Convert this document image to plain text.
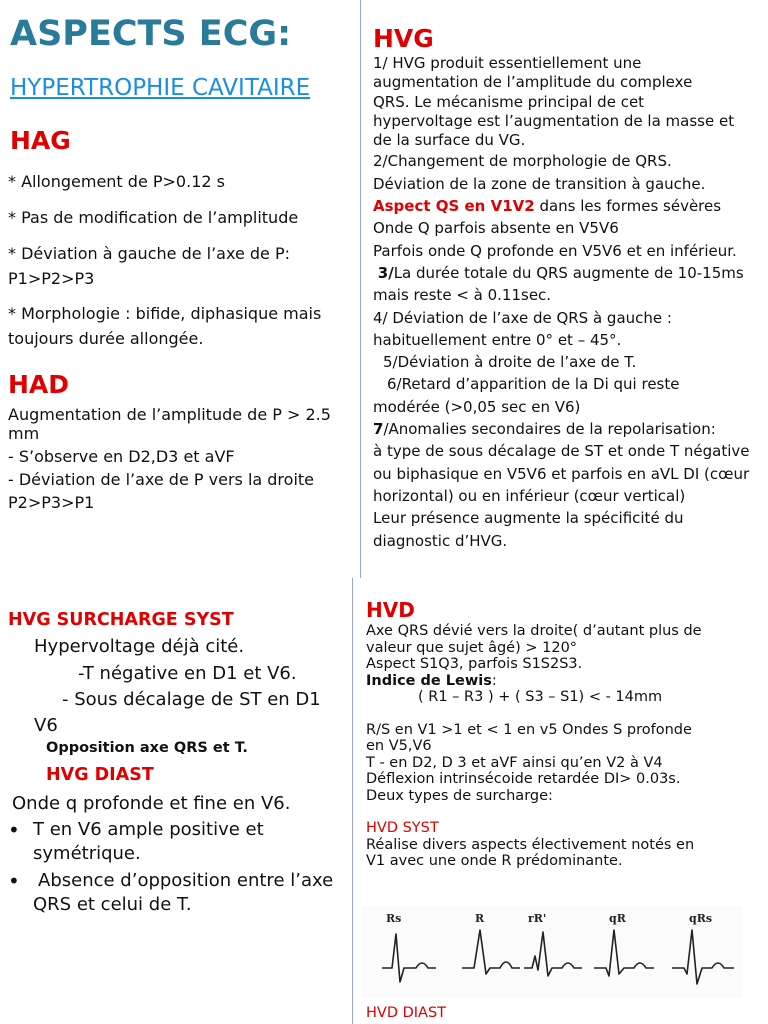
ASPECTS ECG:
HYPERTROPHIE CAVITAIRE
HAG
* Allongement de P>0.12 s
* Pas de modification de l’amplitude
* Déviation à gauche de l’axe de P:
P1>P2>P3
* Morphologie : bifide, diphasique mais
toujours durée allongée.
HAD
Augmentation de l’amplitude de P > 2.5
mm
- S’observe en D2,D3 et aVF
- Déviation de l’axe de P vers la droite
P2>P3>P1
HVG
1/ HVG produit essentiellement une
augmentation de l’amplitude du complexe
QRS. Le mécanisme principal de cet
hypervoltage est l’augmentation de la masse et
de la surface du VG.
2/Changement de morphologie de QRS.
Déviation de la zone de transition à gauche.
Aspect QS en V1V2 dans les formes sévères
Onde Q parfois absente en V5V6
Parfois onde Q profonde en V5V6 et en inférieur.
3/La durée totale du QRS augmente de 10-15ms
mais reste < à 0.11sec.
4/ Déviation de l’axe de QRS à gauche :
habituellement entre 0° et – 45°.
5/Déviation à droite de l’axe de T.
6/Retard d’apparition de la Di qui reste
modérée (>0,05 sec en V6)
7/Anomalies secondaires de la repolarisation:
à type de sous décalage de ST et onde T négative
ou biphasique en V5V6 et parfois en aVL DI (cœur
horizontal) ou en inférieur (cœur vertical)
Leur présence augmente la spécificité du
diagnostic d’HVG.
HVG SURCHARGE SYST
Hypervoltage déjà cité.
-T négative en D1 et V6.
- Sous décalage de ST en D1
V6
Opposition axe QRS et T.
HVG DIAST
Onde q profonde et fine en V6.
• T en V6 ample positive et
symétrique.
• Absence d’opposition entre l’axe
QRS et celui de T.
HVD
Axe QRS dévié vers la droite( d’autant plus de
valeur que sujet âgé) > 120°
Aspect S1Q3, parfois S1S2S3.
Indice de Lewis:
( R1 – R3 ) + ( S3 – S1) < - 14mm
R/S en V1 >1 et < 1 en v5 Ondes S profonde
en V5,V6
T - en D2, D 3 et aVF ainsi qu’en V2 à V4
Déflexion intrinsécoide retardée DI> 0.03s.
Deux types de surcharge:
HVD SYST
Réalise divers aspects électivement notés en
V1 avec une onde R prédominante.
Rs	R	rR'	qR	qRs
HVD DIAST
